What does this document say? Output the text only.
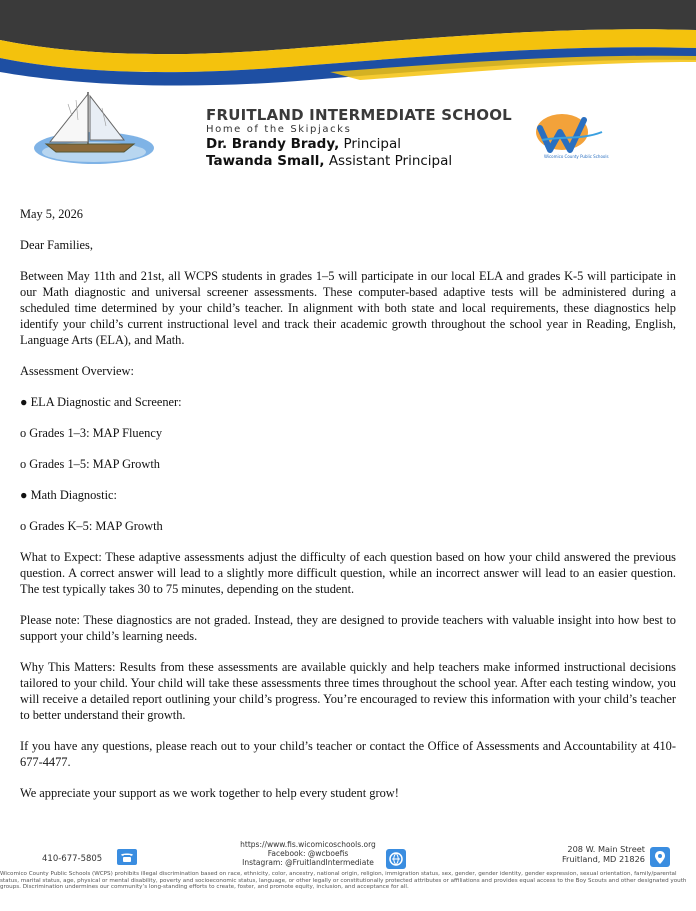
FRUITLAND INTERMEDIATE SCHOOL
Home of the Skipjacks
Dr. Brandy Brady, Principal
Tawanda Small, Assistant Principal	Wicomico County Public Schools

May 5, 2026

Dear Families,

Between May 11th and 21st, all WCPS students in grades 1–5 will participate in our local ELA and grades K-5 will participate in our Math diagnostic and universal screener assessments. These computer-based adaptive tests will be administered during a scheduled time determined by your child’s teacher. In alignment with both state and local requirements, these diagnostics help identify your child’s current instructional level and track their academic growth throughout the school year in Reading, English, Language Arts (ELA), and Math.

Assessment Overview:

● ELA Diagnostic and Screener:

o Grades 1–3: MAP Fluency

o Grades 1–5: MAP Growth

● Math Diagnostic:

o Grades K–5: MAP Growth

What to Expect: These adaptive assessments adjust the difficulty of each question based on how your child answered the previous question. A correct answer will lead to a slightly more difficult question, while an incorrect answer will lead to an easier question. The test typically takes 30 to 75 minutes, depending on the student.

Please note: These diagnostics are not graded. Instead, they are designed to provide teachers with valuable insight into how best to support your child’s learning needs.

Why This Matters: Results from these assessments are available quickly and help teachers make informed instructional decisions tailored to your child. Your child will take these assessments three times throughout the school year. After each testing window, you will receive a detailed report outlining your child’s progress. You’re encouraged to review this information with your child’s teacher to better understand their growth.

If you have any questions, please reach out to your child’s teacher or contact the Office of Assessments and Accountability at 410-677-4477.

We appreciate your support as we work together to help every student grow!

410-677-5805
https://www.fis.wicomicoschools.org
Facebook: @wcboefis
Instagram: @FruitlandIntermediate
208 W. Main Street
Fruitland, MD 21826
Wicomico County Public Schools (WCPS) prohibits illegal discrimination based on race, ethnicity, color, ancestry, national origin, religion, immigration status, sex, gender, gender identity, gender expression, sexual orientation, family/parental status, marital status, age, physical or mental disability, poverty and socioeconomic status, language, or other legally or constitutionally protected attributes or affiliations and provides equal access to the Boy Scouts and other designated youth groups. Discrimination undermines our community’s long-standing efforts to create, foster, and promote equity, inclusion, and acceptance for all.
